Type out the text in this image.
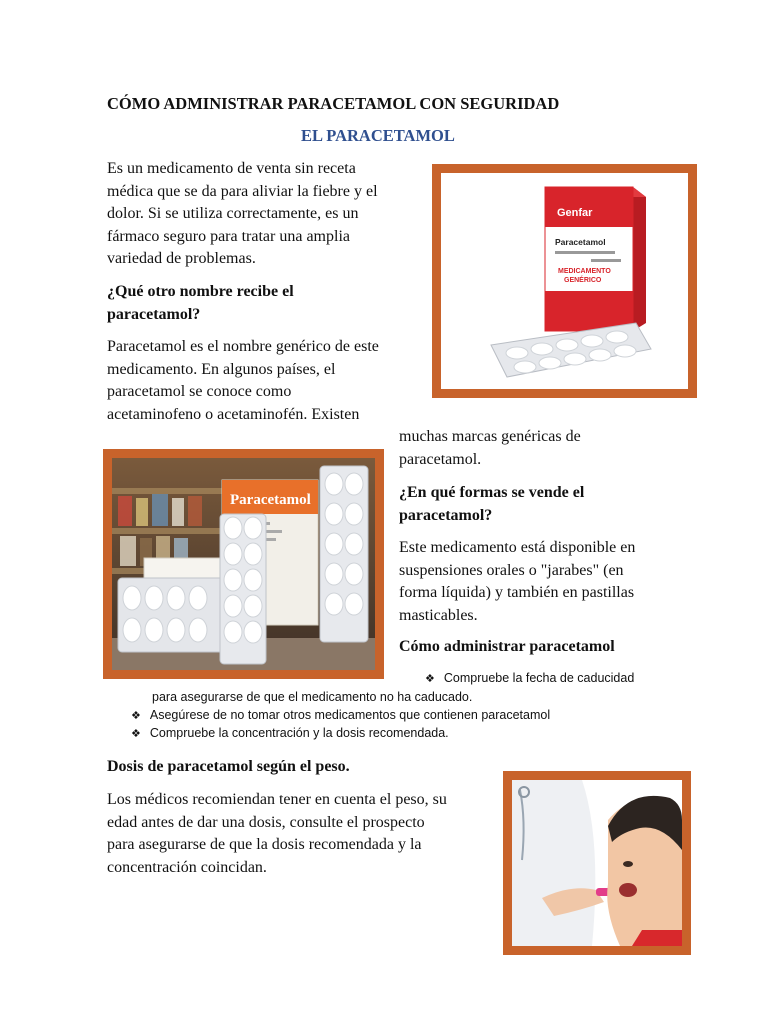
CÓMO ADMINISTRAR PARACETAMOL CON SEGURIDAD
EL PARACETAMOL
Es un medicamento de venta sin receta
médica que se da para aliviar la fiebre y el
dolor. Si se utiliza correctamente, es un
fármaco seguro para tratar una amplia
variedad de problemas.
¿Qué otro nombre recibe el
paracetamol?
Paracetamol es el nombre genérico de este
medicamento. En algunos países, el
paracetamol se conoce como
acetaminofeno o acetaminofén. Existen
muchas marcas genéricas de
paracetamol.
¿En qué formas se vende el
paracetamol?
Este medicamento está disponible en
suspensiones orales o "jarabes" (en
forma líquida) y también en pastillas
masticables.
Cómo administrar paracetamol
❖ Compruebe la fecha de caducidad
para asegurarse de que el medicamento no ha caducado.
❖ Asegúrese de no tomar otros medicamentos que contienen paracetamol
❖ Compruebe la concentración y la dosis recomendada.
Dosis de paracetamol según el peso.
Los médicos recomiendan tener en cuenta el peso, su
edad antes de dar una dosis, consulte el prospecto
para asegurarse de que la dosis recomendada y la
concentración coincidan.
Genfar
Paracetamol
MEDICAMENTO
GENÉRICO
Paracetamol
